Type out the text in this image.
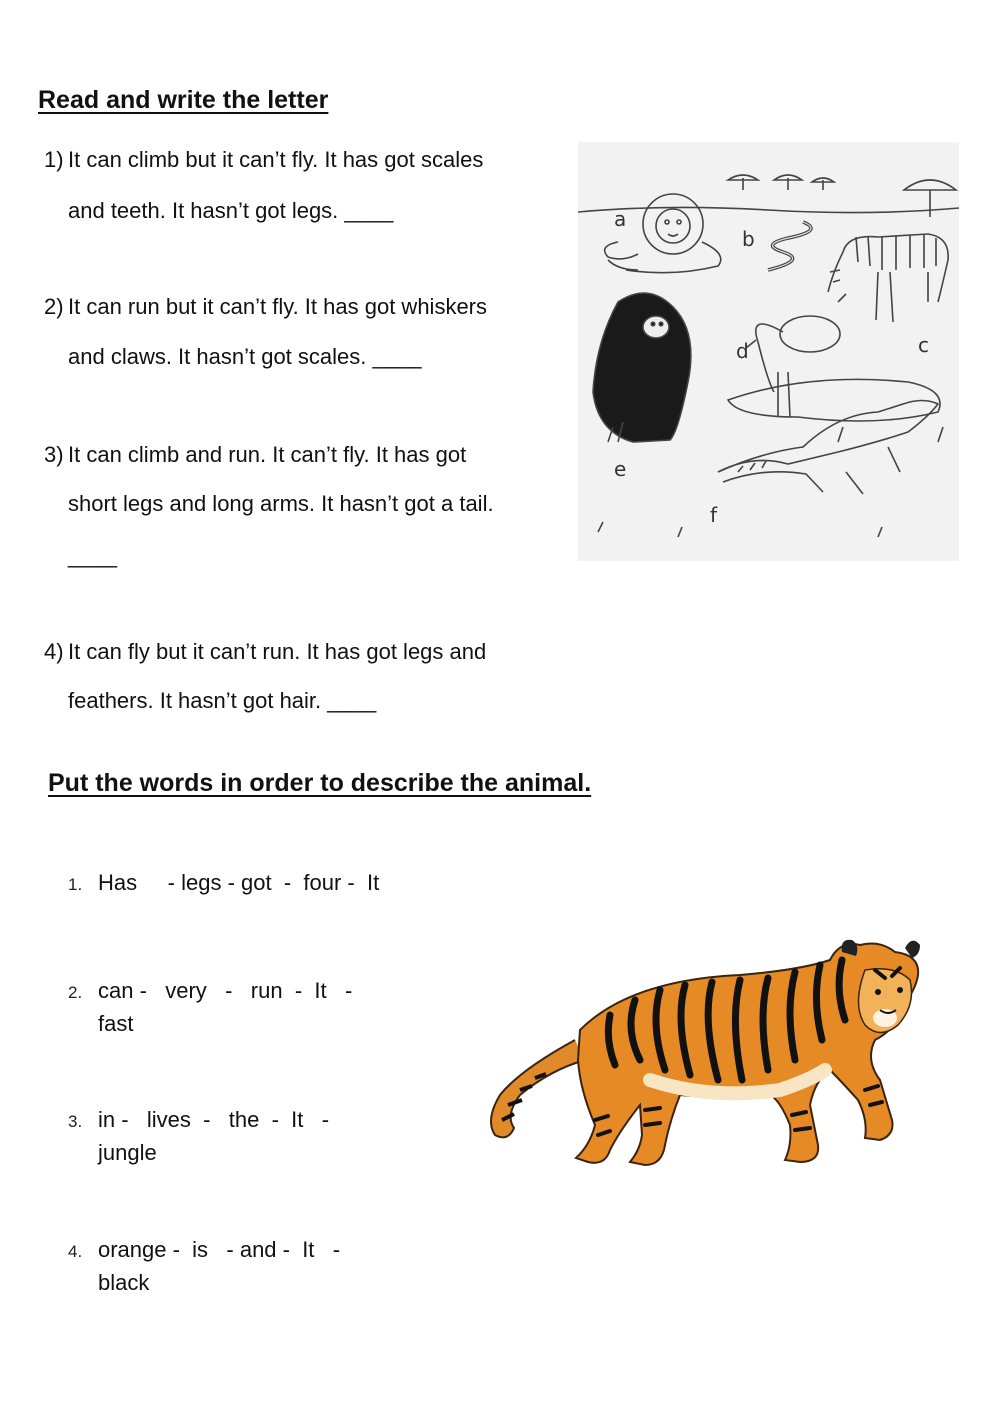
Read and write the letter
1) It can climb but it can’t fly. It has got scales
and teeth. It hasn’t got legs. ____
2) It can run but it can’t fly. It has got whiskers
and claws. It hasn’t got scales. ____
3) It can climb and run. It can’t fly. It has got
short legs and long arms. It hasn’t got a tail.
____
4) It can fly but it can’t run. It has got legs and
feathers. It hasn’t got hair. ____
a
b
c
d
e
f
Put the words in order to describe the animal.
1. Has     - legs - got  -  four -  It
2. can -   very   -   run  -  It   -
fast
3. in -   lives  -   the  -  It   -
jungle
4. orange -  is   - and -  It   -
black
